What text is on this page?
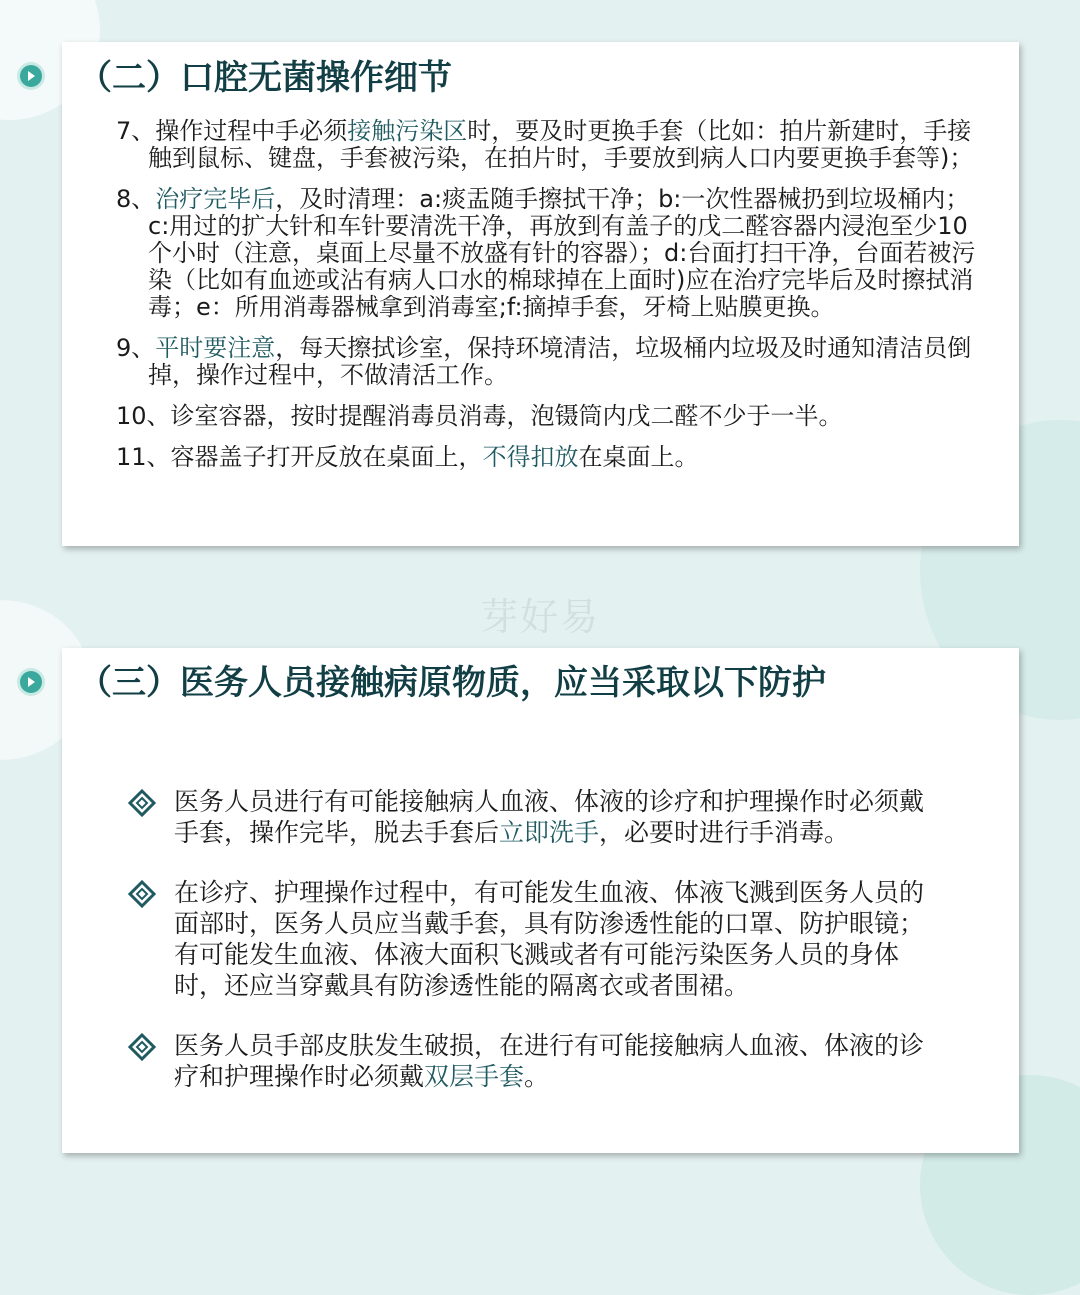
（二）口腔无菌操作细节

7、操作过程中手必须接触污染区时，要及时更换手套（比如：拍片新建时，手接触到鼠标、键盘，手套被污染，在拍片时，手要放到病人口内要更换手套等)；

8、治疗完毕后，及时清理：a:痰盂随手擦拭干净；b:一次性器械扔到垃圾桶内； c:用过的扩大针和车针要清洗干净，再放到有盖子的戊二醛容器内浸泡至少10个小时（注意，桌面上尽量不放盛有针的容器）；d:台面打扫干净，台面若被污染（比如有血迹或沾有病人口水的棉球掉在上面时)应在治疗完毕后及时擦拭消毒；e：所用消毒器械拿到消毒室;f:摘掉手套，牙椅上贴膜更换。

9、平时要注意，每天擦拭诊室，保持环境清洁，垃圾桶内垃圾及时通知清洁员倒掉，操作过程中，不做清活工作。

10、诊室容器，按时提醒消毒员消毒，泡镊筒内戊二醛不少于一半。

11、容器盖子打开反放在桌面上，不得扣放在桌面上。

芽好易
（三）医务人员接触病原物质，应当采取以下防护
医务人员进行有可能接触病人血液、体液的诊疗和护理操作时必须戴手套，操作完毕，脱去手套后立即洗手，必要时进行手消毒。
在诊疗、护理操作过程中，有可能发生血液、体液飞溅到医务人员的面部时，医务人员应当戴手套，具有防渗透性能的口罩、防护眼镜；有可能发生血液、体液大面积飞溅或者有可能污染医务人员的身体时，还应当穿戴具有防渗透性能的隔离衣或者围裙。
医务人员手部皮肤发生破损，在进行有可能接触病人血液、体液的诊疗和护理操作时必须戴双层手套。
